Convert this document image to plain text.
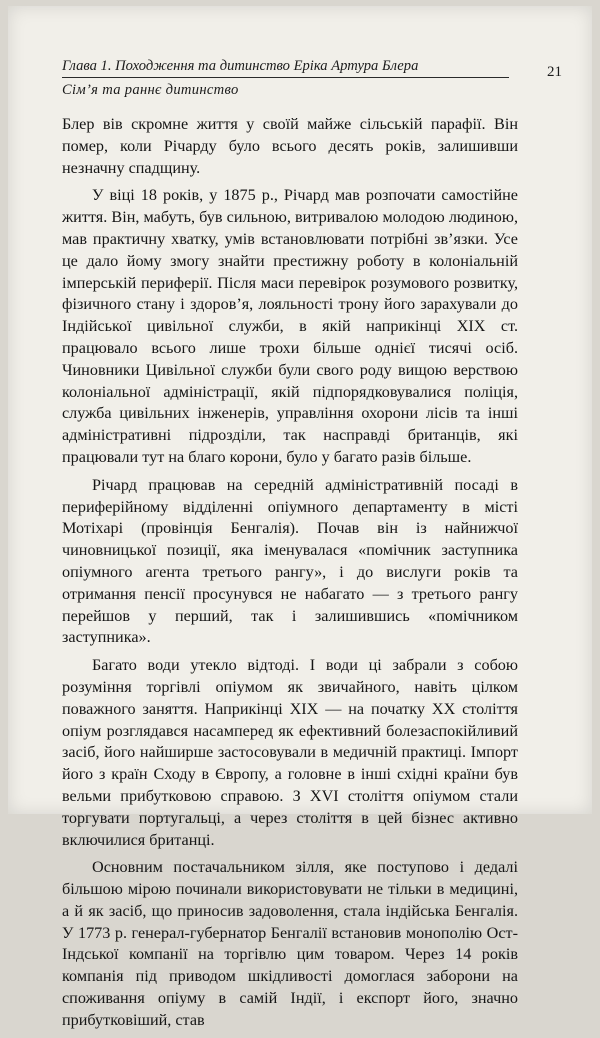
Глава 1. Походження та дитинство Еріка Артура Блера	21
Сім’я та раннє дитинство

Блер вів скромне життя у своїй майже сільській парафії. Він помер, коли Річарду було всього десять років, залишивши незначну спадщину.

У віці 18 років, у 1875 р., Річард мав розпочати самостійне життя. Він, мабуть, був сильною, витривалою молодою людиною, мав практичну хватку, умів встановлювати потрібні зв’язки. Усе це дало йому змогу знайти престижну роботу в колоніальній імперській периферії. Після маси перевірок розумового розвитку, фізичного стану і здоров’я, лояльності трону його зарахували до Індійської цивільної служби, в якій наприкінці XIX ст. працювало всього лише трохи більше однієї тисячі осіб. Чиновники Цивільної служби були свого роду вищою верствою колоніальної адміністрації, якій підпорядковувалися поліція, служба цивільних інженерів, управління охорони лісів та інші адміністративні підрозділи, так насправді британців, які працювали тут на благо корони, було у багато разів більше.

Річард працював на середній адміністративній посаді в периферійному відділенні опіумного департаменту в місті Мотіхарі (провінція Бенгалія). Почав він із найнижчої чиновницької позиції, яка іменувалася «помічник заступника опіумного агента третього рангу», і до вислуги років та отримання пенсії просунувся не набагато — з третього рангу перейшов у перший, так і залишившись «помічником заступника».

Багато води утекло відтоді. І води ці забрали з собою розуміння торгівлі опіумом як звичайного, навіть цілком поважного заняття. Наприкінці XIX — на початку XX століття опіум розглядався насамперед як ефективний болезаспокійливий засіб, його найширше застосовували в медичній практиці. Імпорт його з країн Сходу в Європу, а головне в інші східні країни був вельми прибутковою справою. З XVI століття опіумом стали торгувати португальці, а через століття в цей бізнес активно включилися британці.

Основним постачальником зілля, яке поступово і дедалі більшою мірою починали використовувати не тільки в медицині, а й як засіб, що приносив задоволення, стала індійська Бенгалія. У 1773 р. генерал-губернатор Бенгалії встановив монополію Ост-Індської компанії на торгівлю цим товаром. Через 14 років компанія під приводом шкідливості домоглася заборони на споживання опіуму в самій Індії, і експорт його, значно прибутковіший, став
